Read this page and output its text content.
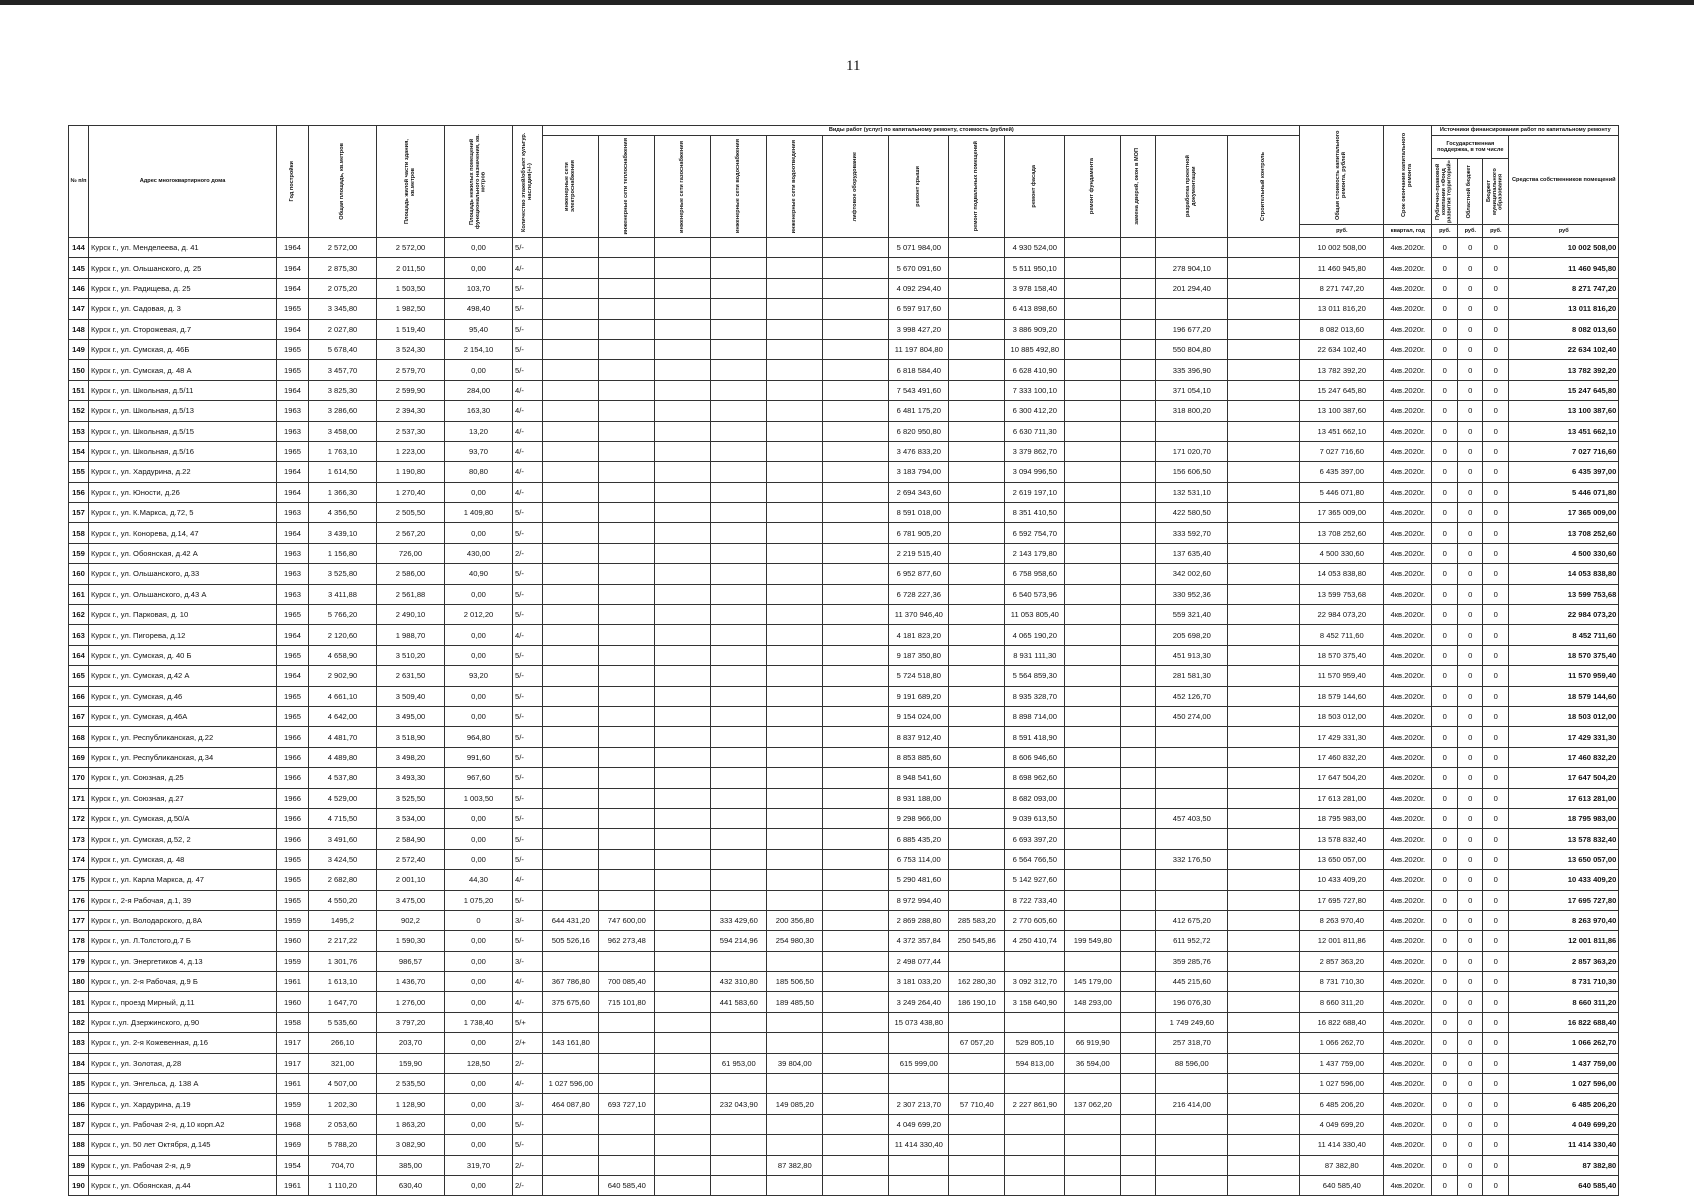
11
№ п/п	Адрес многоквартирного дома	Год постройки	Общая площадь, кв.метров	Площадь жилой части здания, кв.метров	Площадь нежилых помещений функционального назначения, кв. метров	Количество этажей/объект культур. наследия(+/-)	Виды работ (услуг) по капитальному ремонту, стоимость (рублей)													Общая стоимость капитального ремонта, рублей	Срок окончания капитального ремонта	Источники финансирования работ по капитальному ремонту			

							инженерные сети электроснабжения	инженерные сети теплоснабжения	инженерные сети газоснабжения	инженерные сети водоснабжения	инженерные сети водоотведения	лифтовое оборудование	ремонт крыши	ремонт подвальных помещений	ремонт фасада	ремонт фундамента	замена дверей, окон в МОП	разработка проектной документации	Строительный контроль			Государственная поддержка, в том числе			Средства собственников помещений

																						Публично-правовой компании «Фонд развития территорий»	Областной бюджет	Бюджет муниципального образования	

																				руб.	квартал, год	руб.	руб.	руб.	руб

144	Курск г., ул. Менделеева, д. 41	1964	2 572,00	2 572,00	0,00	5/-							5 071 984,00		4 930 524,00					10 002 508,00	4кв.2020г.	0	0	0	10 002 508,00
145	Курск г., ул. Ольшанского, д. 25	1964	2 875,30	2 011,50	0,00	4/-							5 670 091,60		5 511 950,10			278 904,10		11 460 945,80	4кв.2020г.	0	0	0	11 460 945,80
146	Курск г., ул. Радищева, д. 25	1964	2 075,20	1 503,50	103,70	5/-							4 092 294,40		3 978 158,40			201 294,40		8 271 747,20	4кв.2020г.	0	0	0	8 271 747,20
147	Курск г., ул. Садовая, д. 3	1965	3 345,80	1 982,50	498,40	5/-							6 597 917,60		6 413 898,60					13 011 816,20	4кв.2020г.	0	0	0	13 011 816,20
148	Курск г., ул. Сторожевая, д.7	1964	2 027,80	1 519,40	95,40	5/-							3 998 427,20		3 886 909,20			196 677,20		8 082 013,60	4кв.2020г.	0	0	0	8 082 013,60
149	Курск г., ул. Сумская, д. 46Б	1965	5 678,40	3 524,30	2 154,10	5/-							11 197 804,80		10 885 492,80			550 804,80		22 634 102,40	4кв.2020г.	0	0	0	22 634 102,40
150	Курск г., ул. Сумская, д. 48 А	1965	3 457,70	2 579,70	0,00	5/-							6 818 584,40		6 628 410,90			335 396,90		13 782 392,20	4кв.2020г.	0	0	0	13 782 392,20
151	Курск г., ул. Школьная, д.5/11	1964	3 825,30	2 599,90	284,00	4/-							7 543 491,60		7 333 100,10			371 054,10		15 247 645,80	4кв.2020г.	0	0	0	15 247 645,80
152	Курск г., ул. Школьная, д.5/13	1963	3 286,60	2 394,30	163,30	4/-							6 481 175,20		6 300 412,20			318 800,20		13 100 387,60	4кв.2020г.	0	0	0	13 100 387,60
153	Курск г., ул. Школьная, д.5/15	1963	3 458,00	2 537,30	13,20	4/-							6 820 950,80		6 630 711,30					13 451 662,10	4кв.2020г.	0	0	0	13 451 662,10
154	Курск г., ул. Школьная, д.5/16	1965	1 763,10	1 223,00	93,70	4/-							3 476 833,20		3 379 862,70			171 020,70		7 027 716,60	4кв.2020г.	0	0	0	7 027 716,60
155	Курск г., ул. Хардурина, д.22	1964	1 614,50	1 190,80	80,80	4/-							3 183 794,00		3 094 996,50			156 606,50		6 435 397,00	4кв.2020г.	0	0	0	6 435 397,00
156	Курск г., ул. Юности, д.26	1964	1 366,30	1 270,40	0,00	4/-							2 694 343,60		2 619 197,10			132 531,10		5 446 071,80	4кв.2020г.	0	0	0	5 446 071,80
157	Курск г., ул. К.Маркса, д.72, 5	1963	4 356,50	2 505,50	1 409,80	5/-							8 591 018,00		8 351 410,50			422 580,50		17 365 009,00	4кв.2020г.	0	0	0	17 365 009,00
158	Курск г., ул. Конорева, д.14, 47	1964	3 439,10	2 567,20	0,00	5/-							6 781 905,20		6 592 754,70			333 592,70		13 708 252,60	4кв.2020г.	0	0	0	13 708 252,60
159	Курск г., ул. Обоянская, д.42 А	1963	1 156,80	726,00	430,00	2/-							2 219 515,40		2 143 179,80			137 635,40		4 500 330,60	4кв.2020г.	0	0	0	4 500 330,60
160	Курск г., ул. Ольшанского, д.33	1963	3 525,80	2 586,00	40,90	5/-							6 952 877,60		6 758 958,60			342 002,60		14 053 838,80	4кв.2020г.	0	0	0	14 053 838,80
161	Курск г., ул. Ольшанского, д.43 А	1963	3 411,88	2 561,88	0,00	5/-							6 728 227,36		6 540 573,96			330 952,36		13 599 753,68	4кв.2020г.	0	0	0	13 599 753,68
162	Курск г., ул. Парковая, д. 10	1965	5 766,20	2 490,10	2 012,20	5/-							11 370 946,40		11 053 805,40			559 321,40		22 984 073,20	4кв.2020г.	0	0	0	22 984 073,20
163	Курск г., ул. Пигорева, д.12	1964	2 120,60	1 988,70	0,00	4/-							4 181 823,20		4 065 190,20			205 698,20		8 452 711,60	4кв.2020г.	0	0	0	8 452 711,60
164	Курск г., ул. Сумская, д. 40 Б	1965	4 658,90	3 510,20	0,00	5/-							9 187 350,80		8 931 111,30			451 913,30		18 570 375,40	4кв.2020г.	0	0	0	18 570 375,40
165	Курск г., ул. Сумская, д.42 А	1964	2 902,90	2 631,50	93,20	5/-							5 724 518,80		5 564 859,30			281 581,30		11 570 959,40	4кв.2020г.	0	0	0	11 570 959,40
166	Курск г., ул. Сумская, д.46	1965	4 661,10	3 509,40	0,00	5/-							9 191 689,20		8 935 328,70			452 126,70		18 579 144,60	4кв.2020г.	0	0	0	18 579 144,60
167	Курск г., ул. Сумская, д.46А	1965	4 642,00	3 495,00	0,00	5/-							9 154 024,00		8 898 714,00			450 274,00		18 503 012,00	4кв.2020г.	0	0	0	18 503 012,00
168	Курск г., ул. Республиканская, д.22	1966	4 481,70	3 518,90	964,80	5/-							8 837 912,40		8 591 418,90					17 429 331,30	4кв.2020г.	0	0	0	17 429 331,30
169	Курск г., ул. Республиканская, д.34	1966	4 489,80	3 498,20	991,60	5/-							8 853 885,60		8 606 946,60					17 460 832,20	4кв.2020г.	0	0	0	17 460 832,20
170	Курск г., ул. Союзная, д.25	1966	4 537,80	3 493,30	967,60	5/-							8 948 541,60		8 698 962,60					17 647 504,20	4кв.2020г.	0	0	0	17 647 504,20
171	Курск г., ул. Союзная, д.27	1966	4 529,00	3 525,50	1 003,50	5/-							8 931 188,00		8 682 093,00					17 613 281,00	4кв.2020г.	0	0	0	17 613 281,00
172	Курск г., ул. Сумская, д.50/А	1966	4 715,50	3 534,00	0,00	5/-							9 298 966,00		9 039 613,50			457 403,50		18 795 983,00	4кв.2020г.	0	0	0	18 795 983,00
173	Курск г., ул. Сумская, д.52, 2	1966	3 491,60	2 584,90	0,00	5/-							6 885 435,20		6 693 397,20					13 578 832,40	4кв.2020г.	0	0	0	13 578 832,40
174	Курск г., ул. Сумская, д. 48	1965	3 424,50	2 572,40	0,00	5/-							6 753 114,00		6 564 766,50			332 176,50		13 650 057,00	4кв.2020г.	0	0	0	13 650 057,00
175	Курск г., ул. Карла Маркса, д. 47	1965	2 682,80	2 001,10	44,30	4/-							5 290 481,60		5 142 927,60					10 433 409,20	4кв.2020г.	0	0	0	10 433 409,20
176	Курск г., 2-я Рабочая, д.1, 39	1965	4 550,20	3 475,00	1 075,20	5/-							8 972 994,40		8 722 733,40					17 695 727,80	4кв.2020г.	0	0	0	17 695 727,80
177	Курск г., ул. Володарского, д.8А	1959	1495,2	902,2	0	3/-	644 431,20	747 600,00		333 429,60	200 356,80		2 869 288,80	285 583,20	2 770 605,60			412 675,20		8 263 970,40	4кв.2020г.	0	0	0	8 263 970,40
178	Курск г., ул. Л.Толстого,д.7 Б	1960	2 217,22	1 590,30	0,00	5/-	505 526,16	962 273,48		594 214,96	254 980,30		4 372 357,84	250 545,86	4 250 410,74	199 549,80		611 952,72		12 001 811,86	4кв.2020г.	0	0	0	12 001 811,86
179	Курск г., ул. Энергетиков 4, д.13	1959	1 301,76	986,57	0,00	3/-							2 498 077,44					359 285,76		2 857 363,20	4кв.2020г.	0	0	0	2 857 363,20
180	Курск г., ул. 2-я Рабочая, д.9 Б	1961	1 613,10	1 436,70	0,00	4/-	367 786,80	700 085,40		432 310,80	185 506,50		3 181 033,20	162 280,30	3 092 312,70	145 179,00		445 215,60		8 731 710,30	4кв.2020г.	0	0	0	8 731 710,30
181	Курск г., проезд Мирный, д.11	1960	1 647,70	1 276,00	0,00	4/-	375 675,60	715 101,80		441 583,60	189 485,50		3 249 264,40	186 190,10	3 158 640,90	148 293,00		196 076,30		8 660 311,20	4кв.2020г.	0	0	0	8 660 311,20
182	Курск г.,ул. Дзержинского, д.90	1958	5 535,60	3 797,20	1 738,40	5/+							15 073 438,80					1 749 249,60		16 822 688,40	4кв.2020г.	0	0	0	16 822 688,40
183	Курск г., ул. 2-я Кожевенная, д.16	1917	266,10	203,70	0,00	2/+	143 161,80							67 057,20	529 805,10	66 919,90		257 318,70		1 066 262,70	4кв.2020г.	0	0	0	1 066 262,70
184	Курск г., ул. Золотая, д.28	1917	321,00	159,90	128,50	2/-				61 953,00	39 804,00		615 999,00		594 813,00	36 594,00		88 596,00		1 437 759,00	4кв.2020г.	0	0	0	1 437 759,00
185	Курск г., ул. Энгельса, д. 138 А	1961	4 507,00	2 535,50	0,00	4/-	1 027 596,00													1 027 596,00	4кв.2020г.	0	0	0	1 027 596,00
186	Курск г., ул. Хардурина, д.19	1959	1 202,30	1 128,90	0,00	3/-	464 087,80	693 727,10		232 043,90	149 085,20		2 307 213,70	57 710,40	2 227 861,90	137 062,20		216 414,00		6 485 206,20	4кв.2020г.	0	0	0	6 485 206,20
187	Курск г., ул. Рабочая 2-я, д.10 корп.А2	1968	2 053,60	1 863,20	0,00	5/-							4 049 699,20							4 049 699,20	4кв.2020г.	0	0	0	4 049 699,20
188	Курск г., ул. 50 лет Октября, д.145	1969	5 788,20	3 082,90	0,00	5/-							11 414 330,40							11 414 330,40	4кв.2020г.	0	0	0	11 414 330,40
189	Курск г., ул. Рабочая 2-я, д.9	1954	704,70	385,00	319,70	2/-					87 382,80									87 382,80	4кв.2020г.	0	0	0	87 382,80
190	Курск г., ул. Обоянская, д.44	1961	1 110,20	630,40	0,00	2/-		640 585,40												640 585,40	4кв.2020г.	0	0	0	640 585,40
